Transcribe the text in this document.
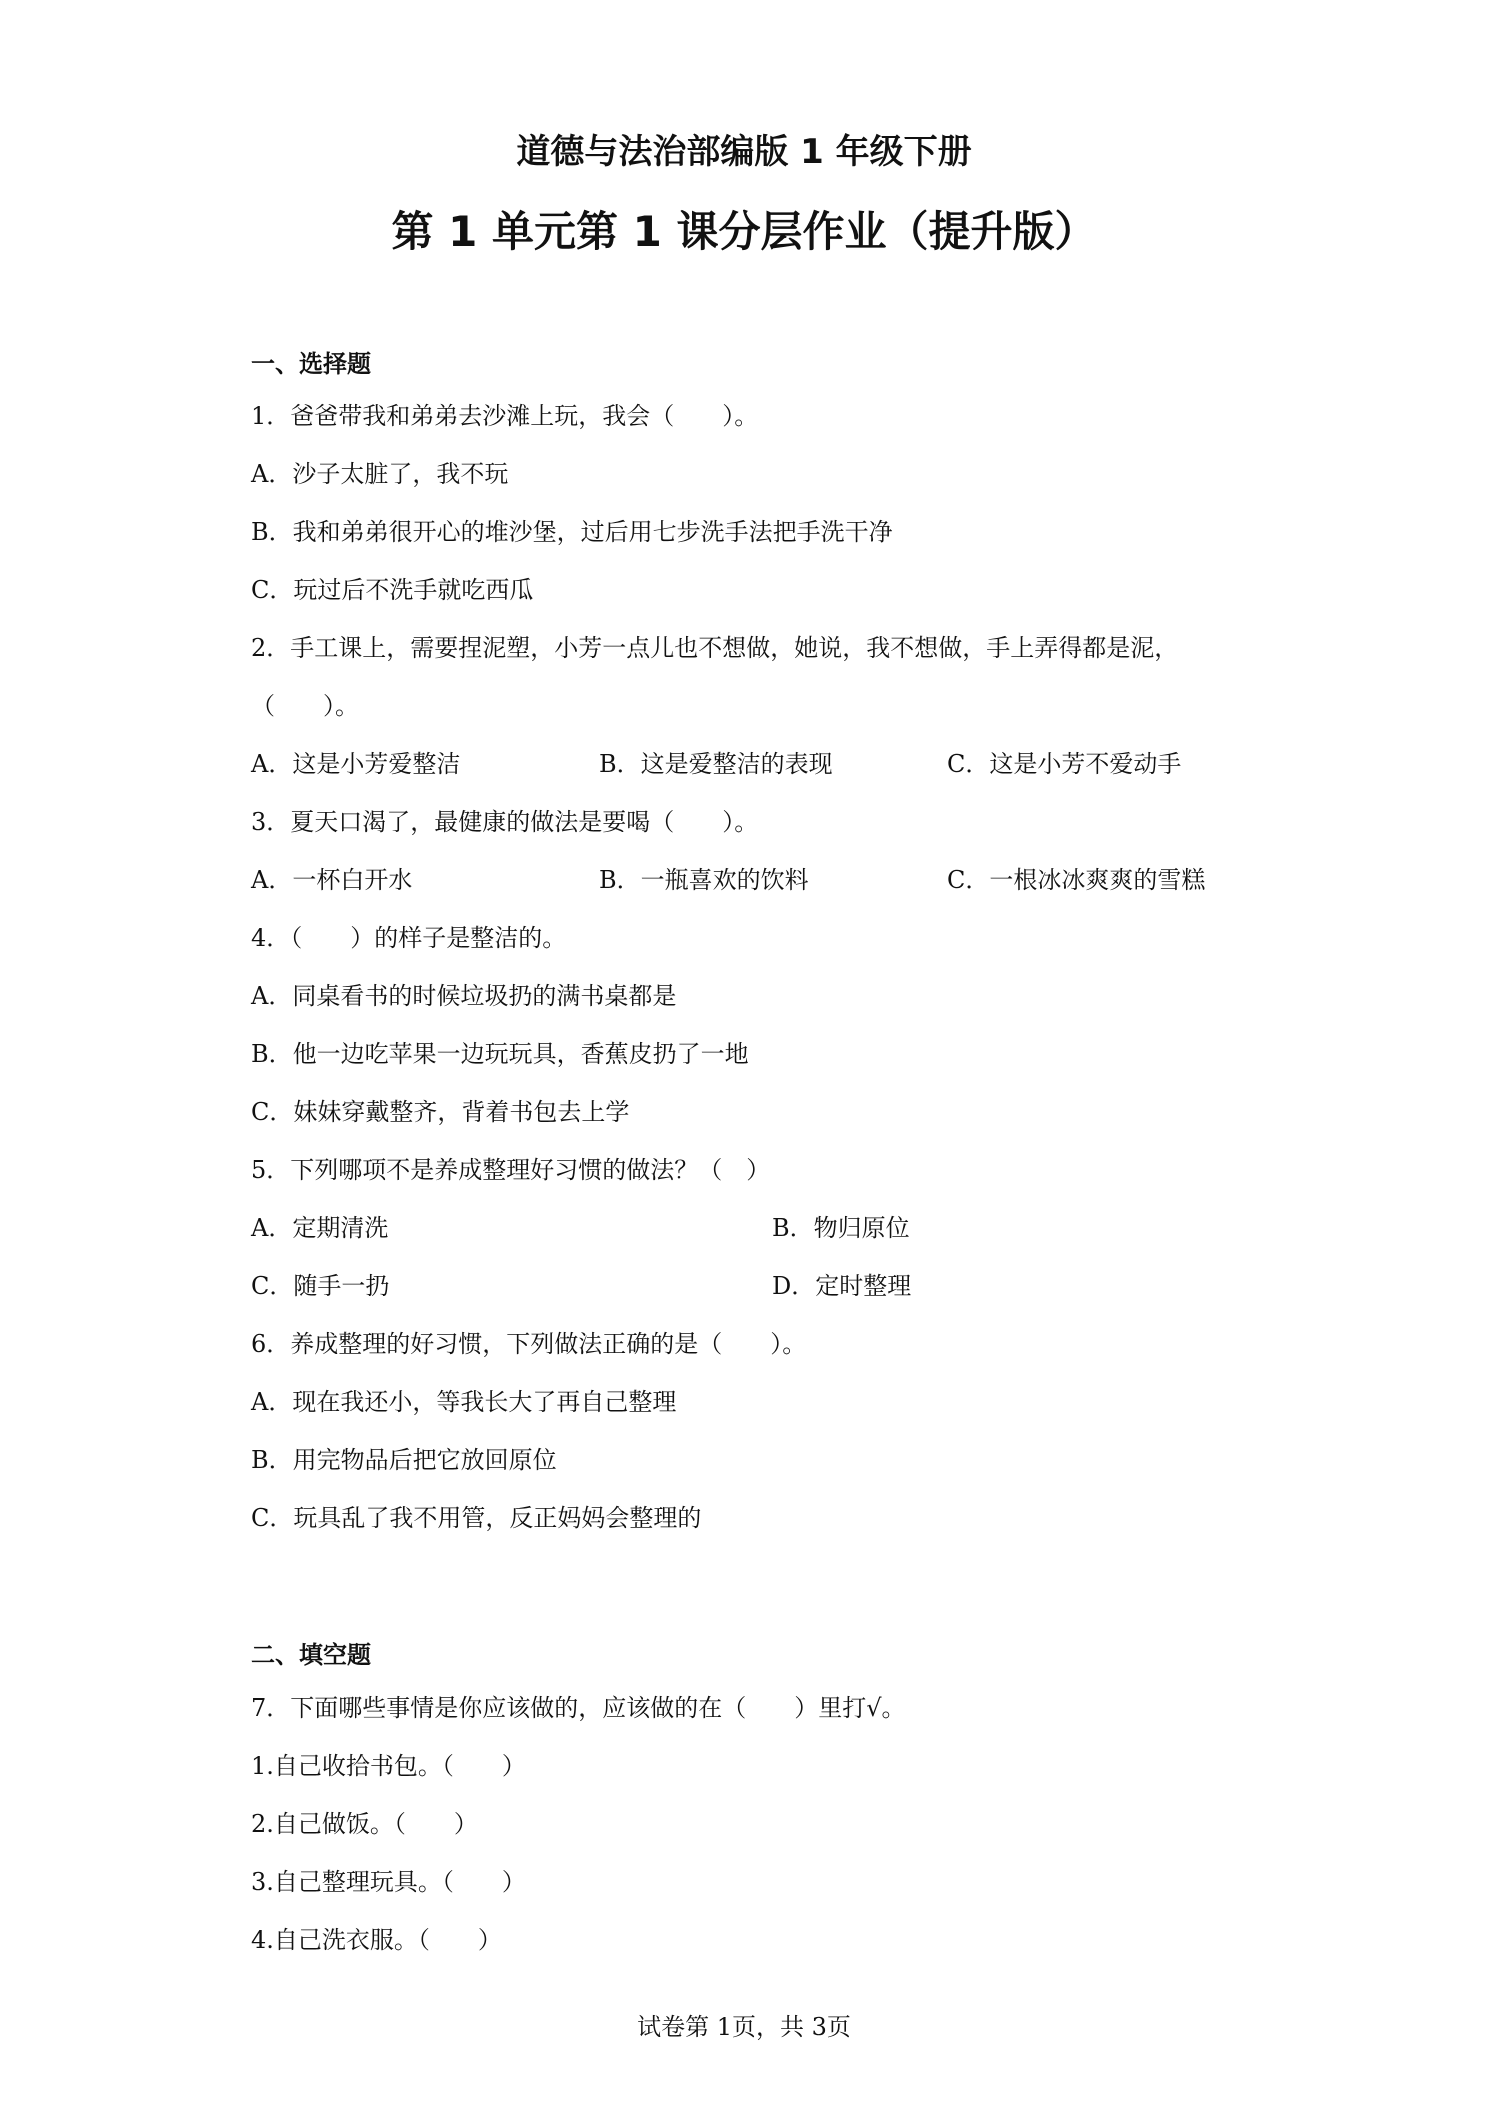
道德与法治部编版 1 年级下册
第 1 单元第 1 课分层作业（提升版）
一、选择题
1．爸爸带我和弟弟去沙滩上玩，我会（　　）。
A．沙子太脏了，我不玩
B．我和弟弟很开心的堆沙堡，过后用七步洗手法把手洗干净
C．玩过后不洗手就吃西瓜
2．手工课上，需要捏泥塑，小芳一点儿也不想做，她说，我不想做，手上弄得都是泥，
（　　）。
A．这是小芳爱整洁	B．这是爱整洁的表现	C．这是小芳不爱动手
3．夏天口渴了，最健康的做法是要喝（　　）。
A．一杯白开水	B．一瓶喜欢的饮料	C．一根冰冰爽爽的雪糕
4．（　　）的样子是整洁的。
A．同桌看书的时候垃圾扔的满书桌都是
B．他一边吃苹果一边玩玩具，香蕉皮扔了一地
C．妹妹穿戴整齐，背着书包去上学
5．下列哪项不是养成整理好习惯的做法？（　）
A．定期清洗	B．物归原位
C．随手一扔	D．定时整理
6．养成整理的好习惯，下列做法正确的是（　　）。
A．现在我还小，等我长大了再自己整理
B．用完物品后把它放回原位
C．玩具乱了我不用管，反正妈妈会整理的
二、填空题
7．下面哪些事情是你应该做的，应该做的在（　　）里打√。
1.自己收拾书包。（　　）
2.自己做饭。（　　）
3.自己整理玩具。（　　）
4.自己洗衣服。（　　）
试卷第 1页，共 3页
